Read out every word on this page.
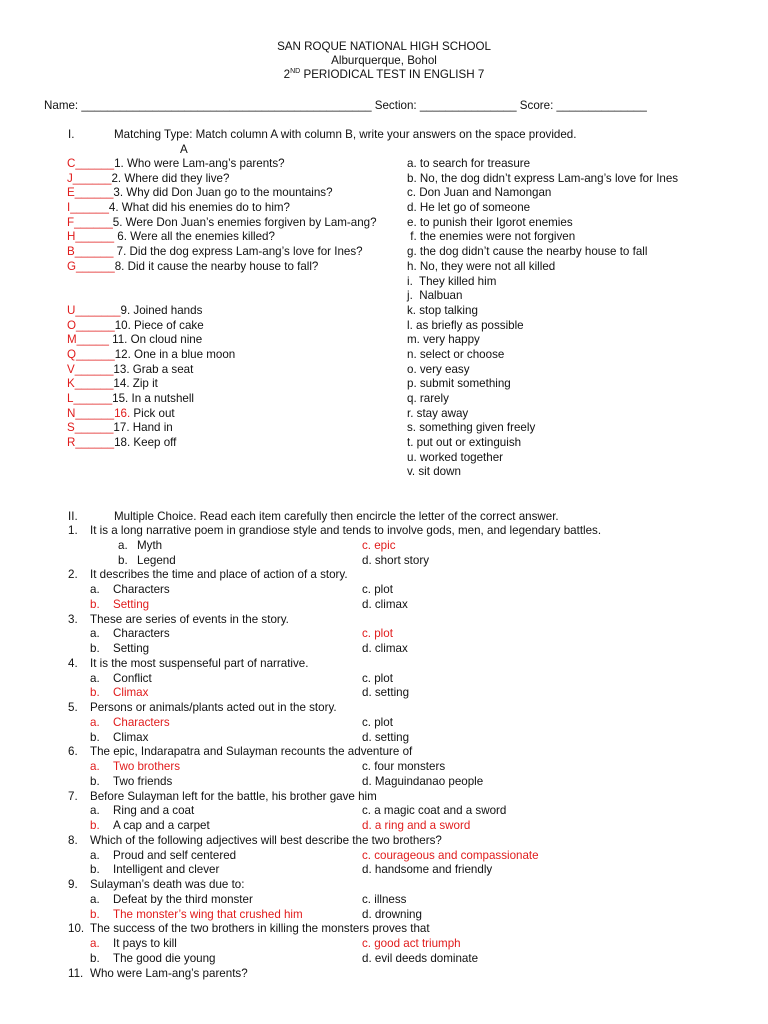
SAN ROQUE NATIONAL HIGH SCHOOL
Alburquerque, Bohol
2ND PERIODICAL TEST IN ENGLISH 7
Name: _____________________________________________ Section: _______________ Score: ______________
I.	Matching Type: Match column A with column B, write your answers on the space provided.
A
C______1. Who were Lam-ang’s parents?	a. to search for treasure
J______2. Where did they live?	b. No, the dog didn’t express Lam-ang’s love for Ines
E______3. Why did Don Juan go to the mountains?	c. Don Juan and Namongan
I______4. What did his enemies do to him?	d. He let go of someone
F______5. Were Don Juan’s enemies forgiven by Lam-ang?	e. to punish their Igorot enemies
H______ 6. Were all the enemies killed?	f. the enemies were not forgiven
B______ 7. Did the dog express Lam-ang’s love for Ines?	g. the dog didn’t cause the nearby house to fall
G______8. Did it cause the nearby house to fall?	h. No, they were not all killed
i.  They killed him
j.  Nalbuan
U_______9. Joined hands	k. stop talking
O______10. Piece of cake	l. as briefly as possible
M_____ 11. On cloud nine	m. very happy
Q______12. One in a blue moon	n. select or choose
V______13. Grab a seat	o. very easy
K______14. Zip it	p. submit something
L______15. In a nutshell	q. rarely
N______16. Pick out	r. stay away
S______17. Hand in	s. something given freely
R______18. Keep off	t. put out or extinguish
u. worked together
v. sit down
II.	Multiple Choice. Read each item carefully then encircle the letter of the correct answer.
1. It is a long narrative poem in grandiose style and tends to involve gods, men, and legendary battles.
a. Myth	c. epic
b. Legend	d. short story
2. It describes the time and place of action of a story.
a. Characters	c. plot
b. Setting	d. climax
3. These are series of events in the story.
a. Characters	c. plot
b. Setting	d. climax
4. It is the most suspenseful part of narrative.
a. Conflict	c. plot
b. Climax	d. setting
5. Persons or animals/plants acted out in the story.
a. Characters	c. plot
b. Climax	d. setting
6. The epic, Indarapatra and Sulayman recounts the adventure of
a. Two brothers	c. four monsters
b. Two friends	d. Maguindanao people
7. Before Sulayman left for the battle, his brother gave him
a. Ring and a coat	c. a magic coat and a sword
b. A cap and a carpet	d. a ring and a sword
8. Which of the following adjectives will best describe the two brothers?
a. Proud and self centered	c. courageous and compassionate
b. Intelligent and clever	d. handsome and friendly
9. Sulayman’s death was due to:
a. Defeat by the third monster	c. illness
b. The monster’s wing that crushed him	d. drowning
10. The success of the two brothers in killing the monsters proves that
a. It pays to kill	c. good act triumph
b. The good die young	d. evil deeds dominate
11. Who were Lam-ang’s parents?
